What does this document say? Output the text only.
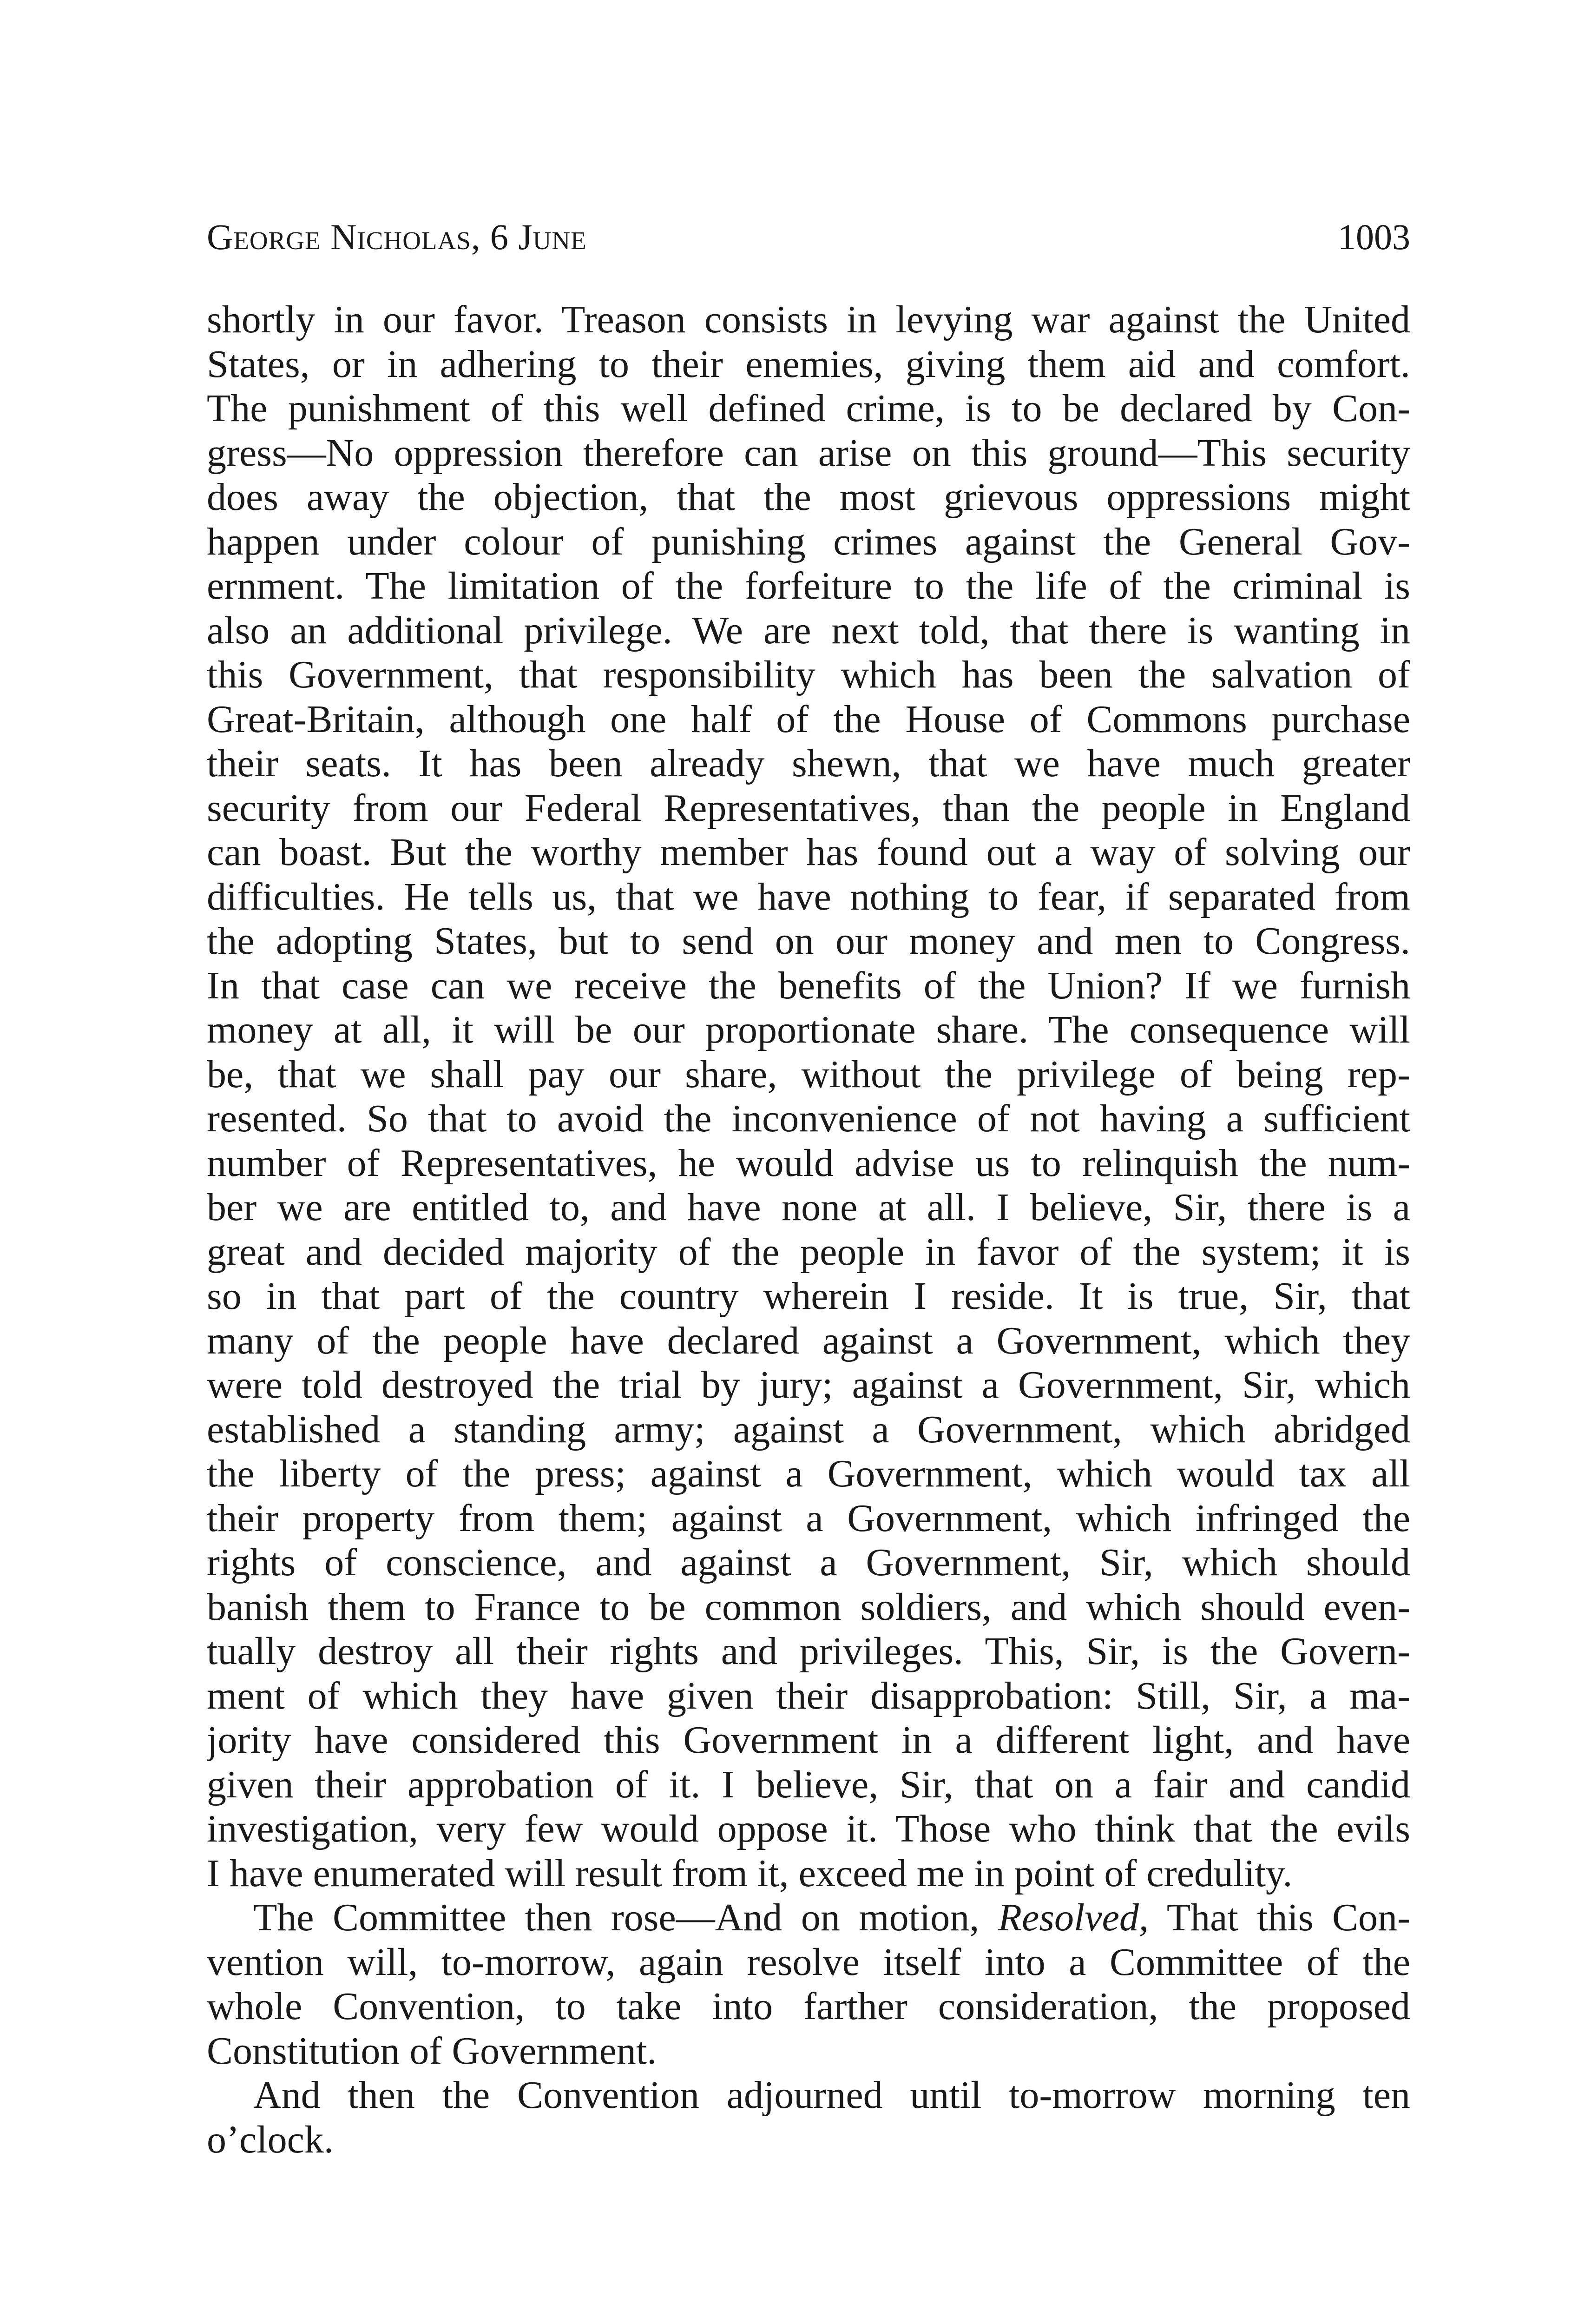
George Nicholas, 6 June	1003
shortly in our favor. Treason consists in levying war against the United
States, or in adhering to their enemies, giving them aid and comfort.
The punishment of this well defined crime, is to be declared by Con-
gress—No oppression therefore can arise on this ground—This security
does away the objection, that the most grievous oppressions might
happen under colour of punishing crimes against the General Gov-
ernment. The limitation of the forfeiture to the life of the criminal is
also an additional privilege. We are next told, that there is wanting in
this Government, that responsibility which has been the salvation of
Great-Britain, although one half of the House of Commons purchase
their seats. It has been already shewn, that we have much greater
security from our Federal Representatives, than the people in England
can boast. But the worthy member has found out a way of solving our
difficulties. He tells us, that we have nothing to fear, if separated from
the adopting States, but to send on our money and men to Congress.
In that case can we receive the benefits of the Union? If we furnish
money at all, it will be our proportionate share. The consequence will
be, that we shall pay our share, without the privilege of being rep-
resented. So that to avoid the inconvenience of not having a sufficient
number of Representatives, he would advise us to relinquish the num-
ber we are entitled to, and have none at all. I believe, Sir, there is a
great and decided majority of the people in favor of the system; it is
so in that part of the country wherein I reside. It is true, Sir, that
many of the people have declared against a Government, which they
were told destroyed the trial by jury; against a Government, Sir, which
established a standing army; against a Government, which abridged
the liberty of the press; against a Government, which would tax all
their property from them; against a Government, which infringed the
rights of conscience, and against a Government, Sir, which should
banish them to France to be common soldiers, and which should even-
tually destroy all their rights and privileges. This, Sir, is the Govern-
ment of which they have given their disapprobation: Still, Sir, a ma-
jority have considered this Government in a different light, and have
given their approbation of it. I believe, Sir, that on a fair and candid
investigation, very few would oppose it. Those who think that the evils
I have enumerated will result from it, exceed me in point of credulity.
The Committee then rose—And on motion, Resolved, That this Con-
vention will, to-morrow, again resolve itself into a Committee of the
whole Convention, to take into farther consideration, the proposed
Constitution of Government.
And then the Convention adjourned until to-morrow morning ten
o’clock.
